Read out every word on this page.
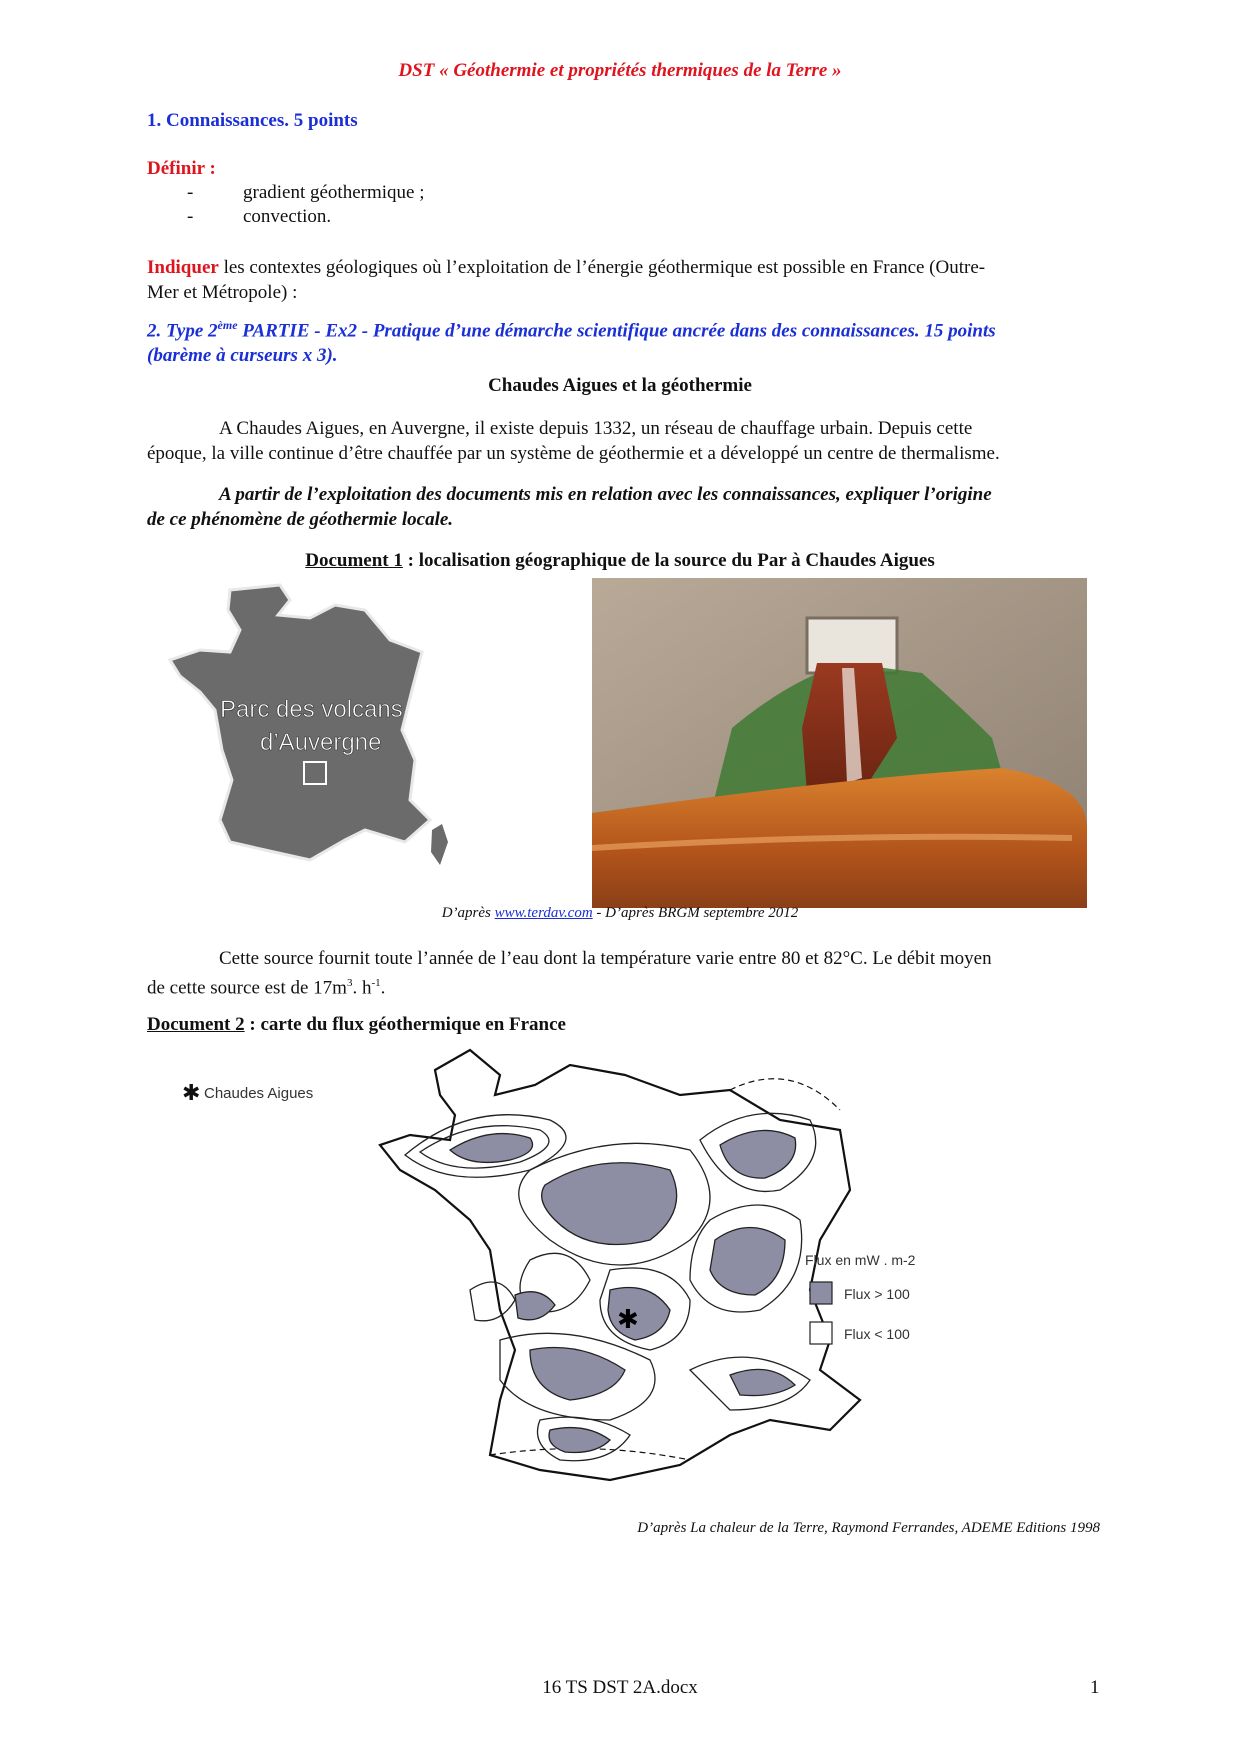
DST « Géothermie et propriétés thermiques de la Terre »
1. Connaissances. 5 points
Définir :
-	gradient géothermique ;
-	convection.
Indiquer les contextes géologiques où l’exploitation de l’énergie géothermique est possible en France (Outre-
Mer et Métropole) :
2. Type 2ème PARTIE - Ex2 - Pratique d’une démarche scientifique ancrée dans des connaissances. 15 points
(barème à curseurs x 3).
Chaudes Aigues et la géothermie
A Chaudes Aigues, en Auvergne, il existe depuis 1332, un réseau de chauffage urbain. Depuis cette
époque, la ville continue d’être chauffée par un système de géothermie et a développé un centre de thermalisme.
A partir de l’exploitation des documents mis en relation avec les connaissances, expliquer l’origine
de ce phénomène de géothermie locale.
Document 1 : localisation géographique de la source du Par à Chaudes Aigues
Parc des volcans
d’Auvergne
D’après www.terdav.com - D’après BRGM septembre 2012
Cette source fournit toute l’année de l’eau dont la température varie entre 80 et 82°C. Le débit moyen
de cette source est de $17m^3$. $h^{-1}$.
Document 2 : carte du flux géothermique en France
✱ Chaudes Aigues
✱
Flux en mW . m-2
Flux > 100
Flux < 100
D’après La chaleur de la Terre, Raymond Ferrandes, ADEME Editions 1998
16 TS DST 2A.docx	1
